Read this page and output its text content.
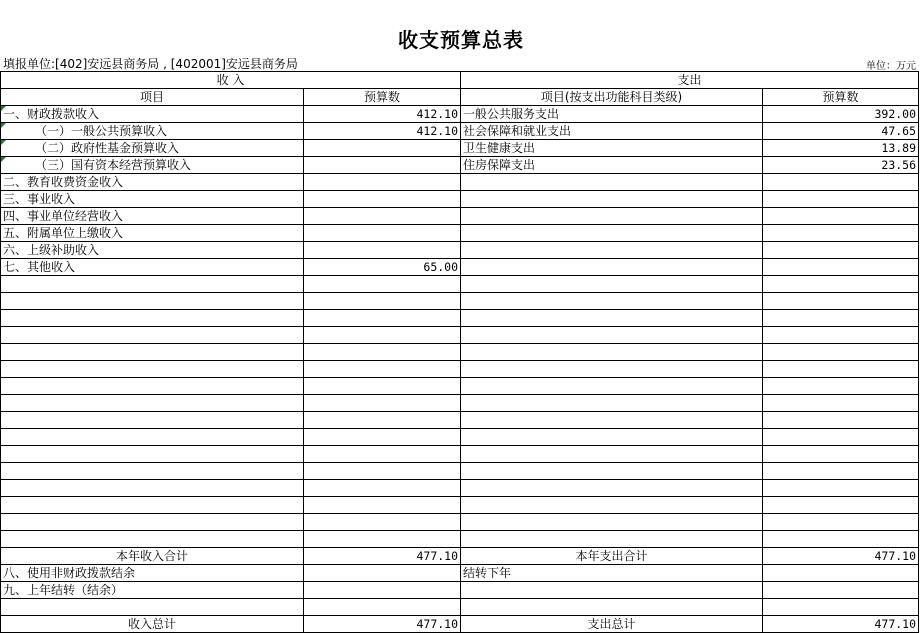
收支预算总表
填报单位:[402]安远县商务局 , [402001]安远县商务局	单位：万元
收 入		支出	
项目	预算数	项目(按支出功能科目类级)	预算数
一、财政拨款收入	412.10	一般公共服务支出	392.00
（一）一般公共预算收入	412.10	社会保障和就业支出	47.65
（二）政府性基金预算收入		卫生健康支出	13.89
（三）国有资本经营预算收入		住房保障支出	23.56
二、教育收费资金收入			
三、事业收入			
四、事业单位经营收入			
五、附属单位上缴收入			
六、上级补助收入			
七、其他收入	65.00		

本年收入合计	477.10	本年支出合计	477.10
八、使用非财政拨款结余		结转下年	
九、上年结转（结余）			

收入总计	477.10	支出总计	477.10
